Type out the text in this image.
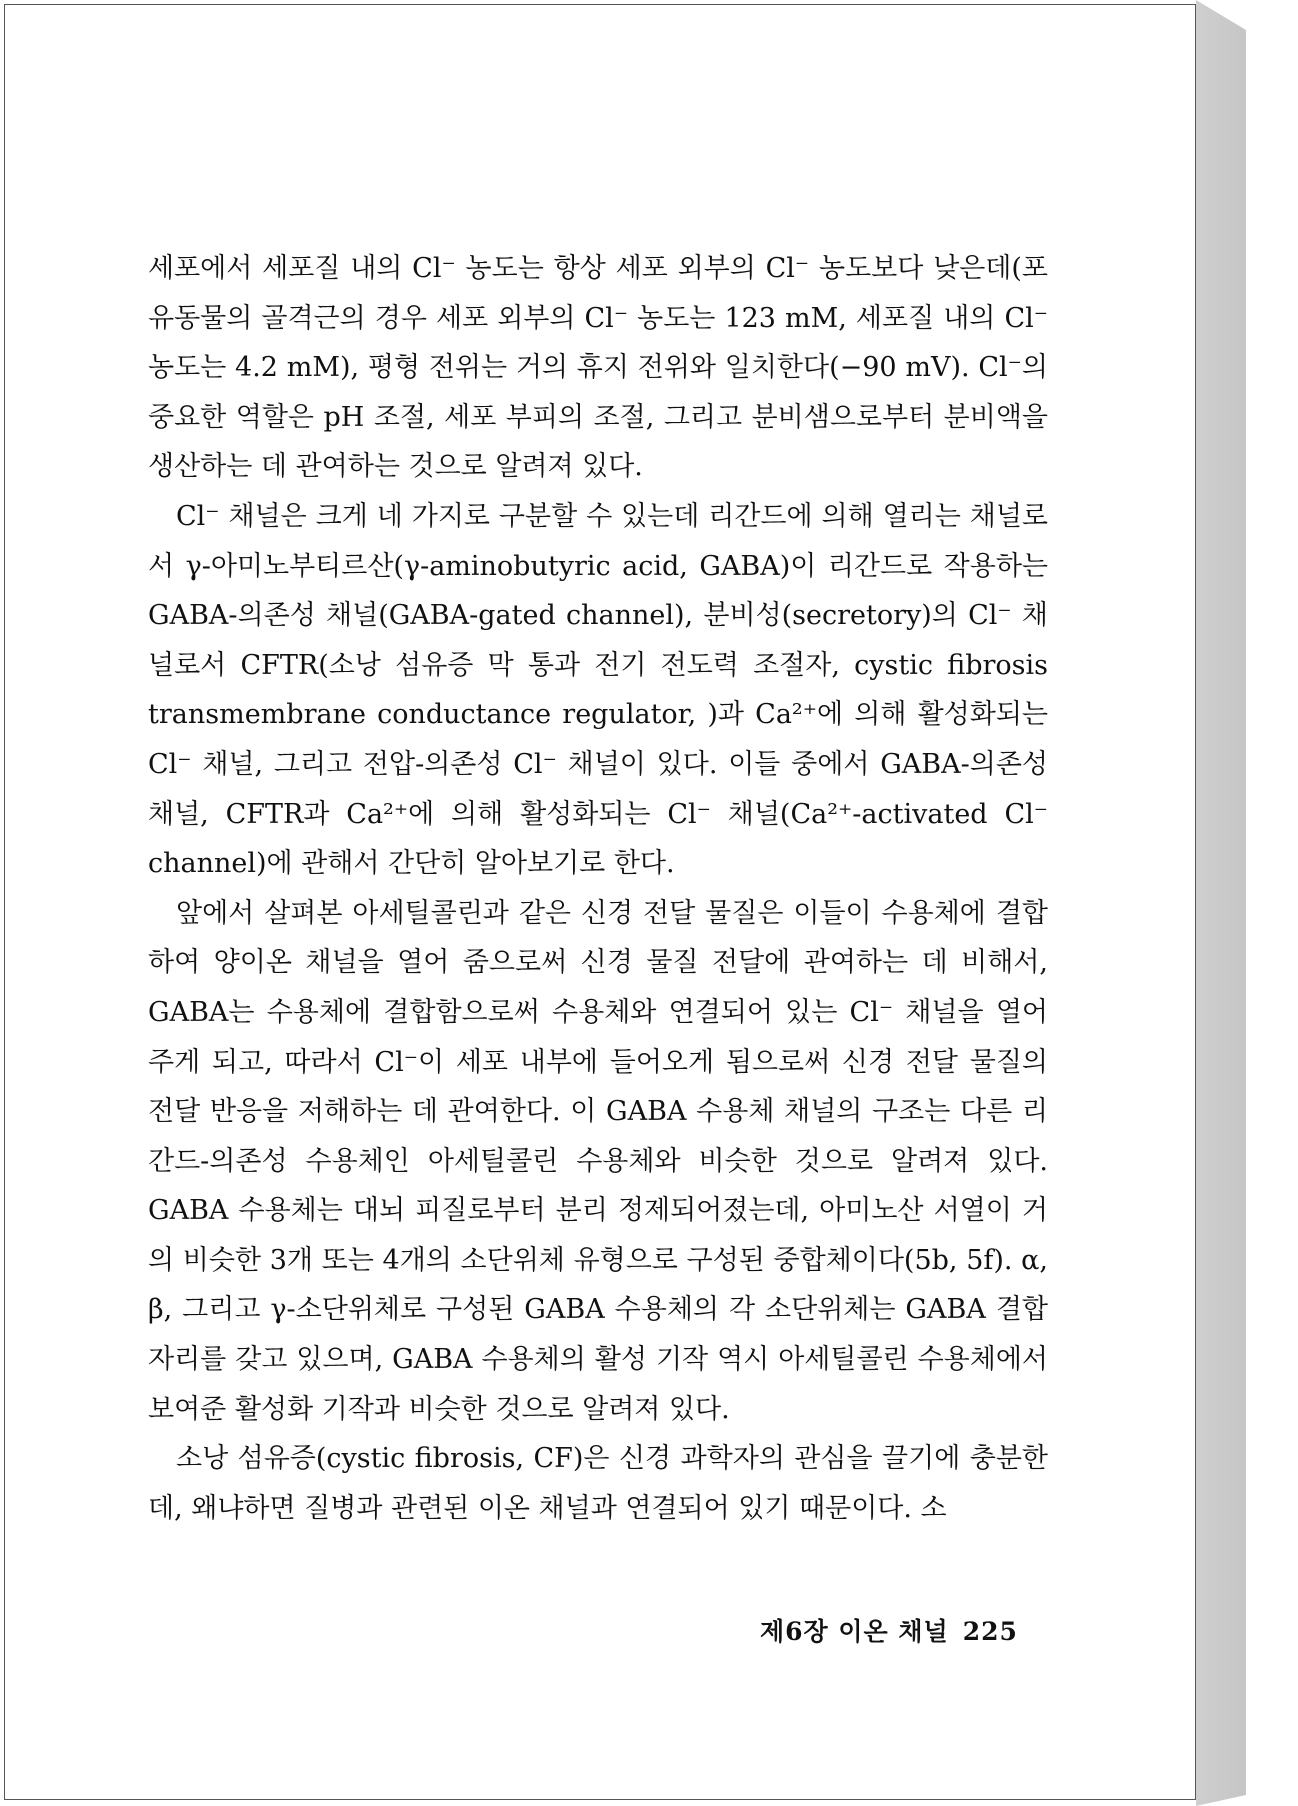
세포에서 세포질 내의 Cl⁻ 농도는 항상 세포 외부의 Cl⁻ 농도보다 낮은데(포유동물의 골격근의 경우 세포 외부의 Cl⁻ 농도는 123 mM, 세포질 내의 Cl⁻ 농도는 4.2 mM), 평형 전위는 거의 휴지 전위와 일치한다(−90 mV). Cl⁻의 중요한 역할은 pH 조절, 세포 부피의 조절, 그리고 분비샘으로부터 분비액을 생산하는 데 관여하는 것으로 알려져 있다.

Cl⁻ 채널은 크게 네 가지로 구분할 수 있는데 리간드에 의해 열리는 채널로서 γ-아미노부티르산(γ-aminobutyric acid, GABA)이 리간드로 작용하는 GABA-의존성 채널(GABA-gated channel), 분비성(secretory)의 Cl⁻ 채널로서 CFTR(소낭 섬유증 막 통과 전기 전도력 조절자, cystic fibrosis transmembrane conductance regulator, )과 Ca²⁺에 의해 활성화되는 Cl⁻ 채널, 그리고 전압-의존성 Cl⁻ 채널이 있다. 이들 중에서 GABA-의존성 채널, CFTR과 Ca²⁺에 의해 활성화되는 Cl⁻ 채널(Ca²⁺-activated Cl⁻ channel)에 관해서 간단히 알아보기로 한다.

앞에서 살펴본 아세틸콜린과 같은 신경 전달 물질은 이들이 수용체에 결합하여 양이온 채널을 열어 줌으로써 신경 물질 전달에 관여하는 데 비해서, GABA는 수용체에 결합함으로써 수용체와 연결되어 있는 Cl⁻ 채널을 열어 주게 되고, 따라서 Cl⁻이 세포 내부에 들어오게 됨으로써 신경 전달 물질의 전달 반응을 저해하는 데 관여한다. 이 GABA 수용체 채널의 구조는 다른 리간드-의존성 수용체인 아세틸콜린 수용체와 비슷한 것으로 알려져 있다. GABA 수용체는 대뇌 피질로부터 분리 정제되어졌는데, 아미노산 서열이 거의 비슷한 3개 또는 4개의 소단위체 유형으로 구성된 중합체이다(5b, 5f). α, β, 그리고 γ-소단위체로 구성된 GABA 수용체의 각 소단위체는 GABA 결합 자리를 갖고 있으며, GABA 수용체의 활성 기작 역시 아세틸콜린 수용체에서 보여준 활성화 기작과 비슷한 것으로 알려져 있다.

소낭 섬유증(cystic fibrosis, CF)은 신경 과학자의 관심을 끌기에 충분한데, 왜냐하면 질병과 관련된 이온 채널과 연결되어 있기 때문이다. 소

제6장 이온 채널 225
